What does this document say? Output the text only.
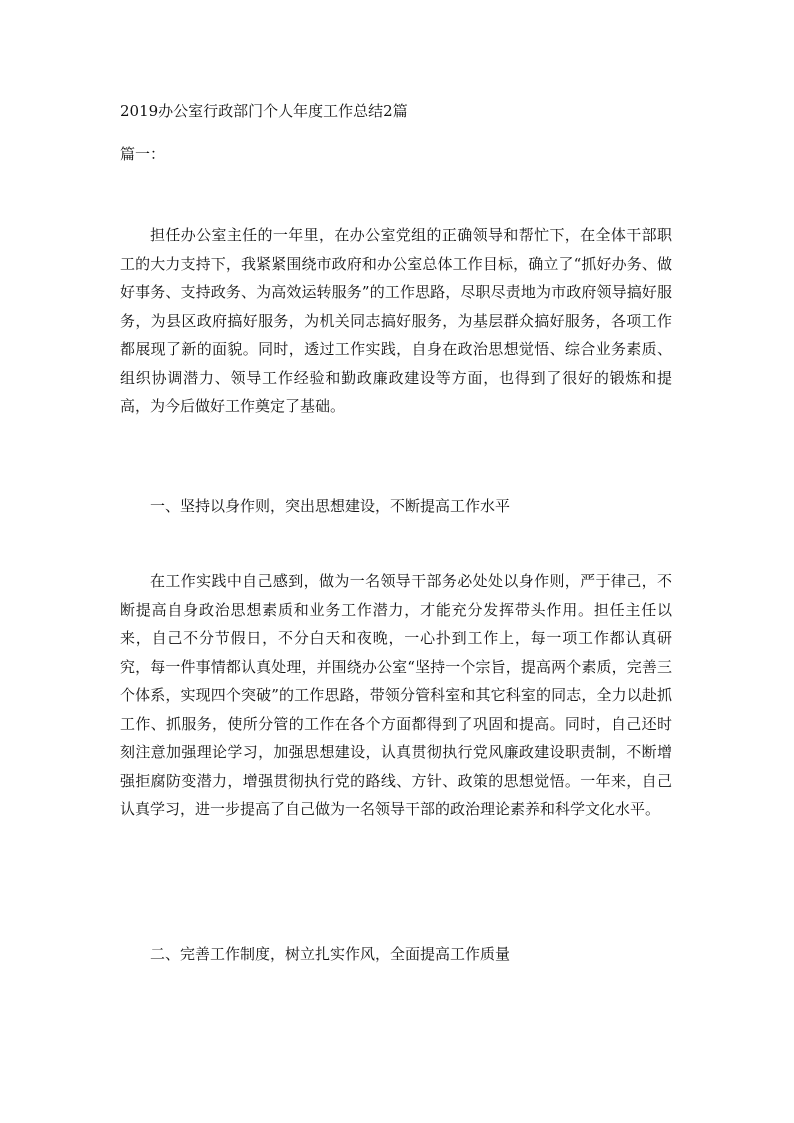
2019办公室行政部门个人年度工作总结2篇
篇一：

担任办公室主任的一年里，在办公室党组的正确领导和帮忙下，在全体干部职工的大力支持下，我紧紧围绕市政府和办公室总体工作目标，确立了“抓好办务、做好事务、支持政务、为高效运转服务”的工作思路，尽职尽责地为市政府领导搞好服务，为县区政府搞好服务，为机关同志搞好服务，为基层群众搞好服务，各项工作都展现了新的面貌。同时，透过工作实践，自身在政治思想觉悟、综合业务素质、组织协调潜力、领导工作经验和勤政廉政建设等方面，也得到了很好的锻炼和提高，为今后做好工作奠定了基础。

一、坚持以身作则，突出思想建设，不断提高工作水平

在工作实践中自己感到，做为一名领导干部务必处处以身作则，严于律己，不断提高自身政治思想素质和业务工作潜力，才能充分发挥带头作用。担任主任以来，自己不分节假日，不分白天和夜晚，一心扑到工作上，每一项工作都认真研究，每一件事情都认真处理，并围绕办公室“坚持一个宗旨，提高两个素质，完善三个体系，实现四个突破”的工作思路，带领分管科室和其它科室的同志，全力以赴抓工作、抓服务，使所分管的工作在各个方面都得到了巩固和提高。同时，自己还时刻注意加强理论学习，加强思想建设，认真贯彻执行党风廉政建设职责制，不断增强拒腐防变潜力，增强贯彻执行党的路线、方针、政策的思想觉悟。一年来，自己认真学习，进一步提高了自己做为一名领导干部的政治理论素养和科学文化水平。

二、完善工作制度，树立扎实作风，全面提高工作质量
